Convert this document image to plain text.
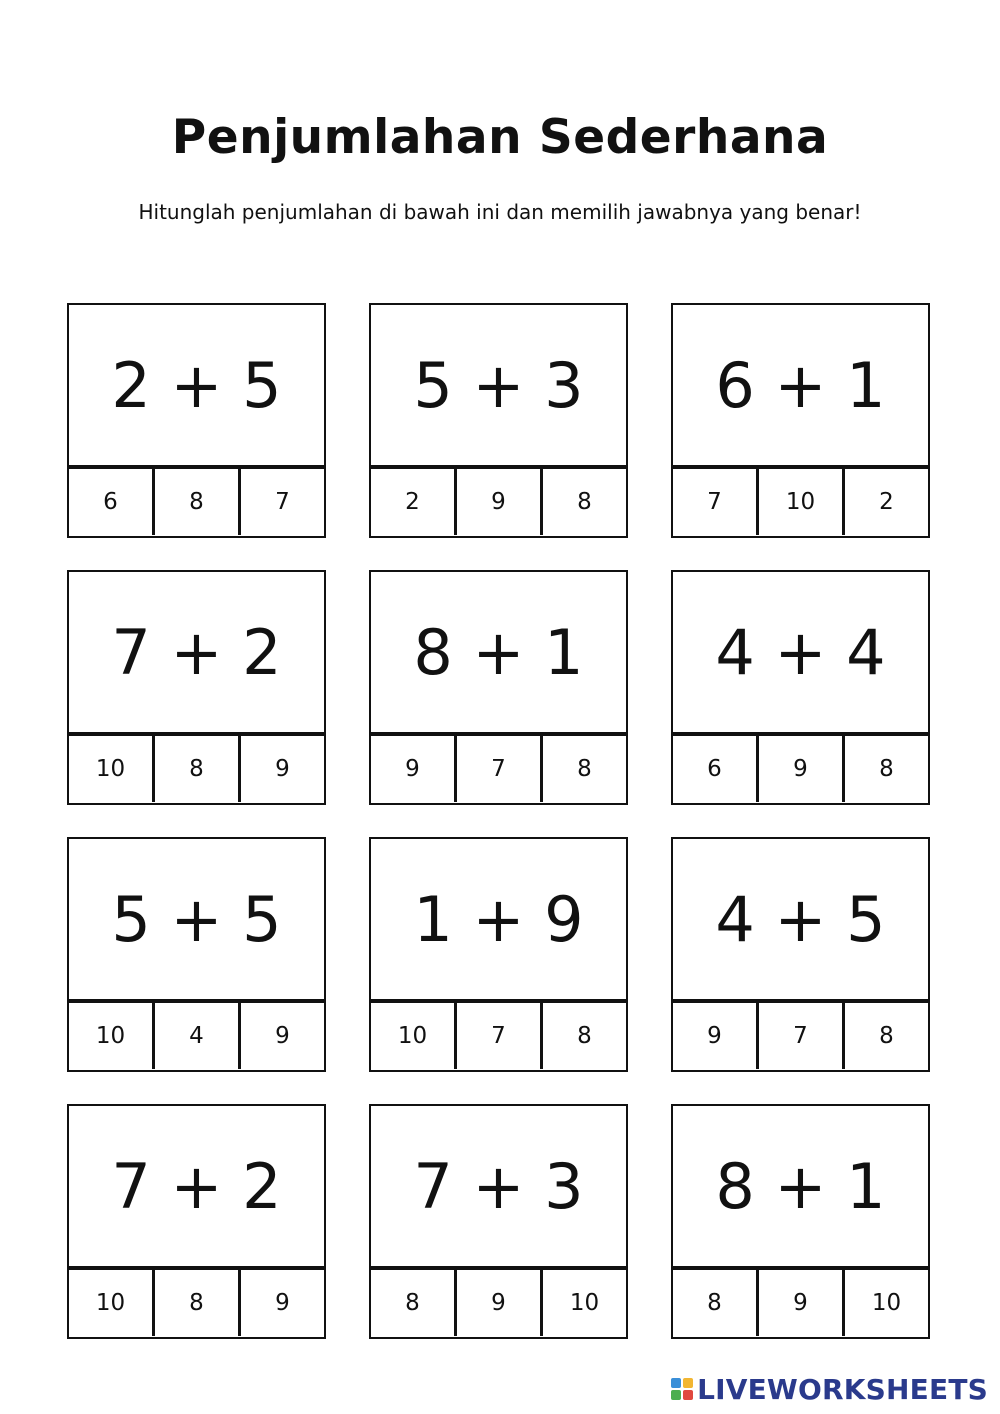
Penjumlahan Sederhana
Hitunglah penjumlahan di bawah ini dan memilih jawabnya yang benar!
2 + 5
6	8	7
5 + 3
2	9	8
6 + 1
7	10	2
7 + 2
10	8	9
8 + 1
9	7	8
4 + 4
6	9	8
5 + 5
10	4	9
1 + 9
10	7	8
4 + 5
9	7	8
7 + 2
10	8	9
7 + 3
8	9	10
8 + 1
8	9	10
LIVEWORKSHEETS
